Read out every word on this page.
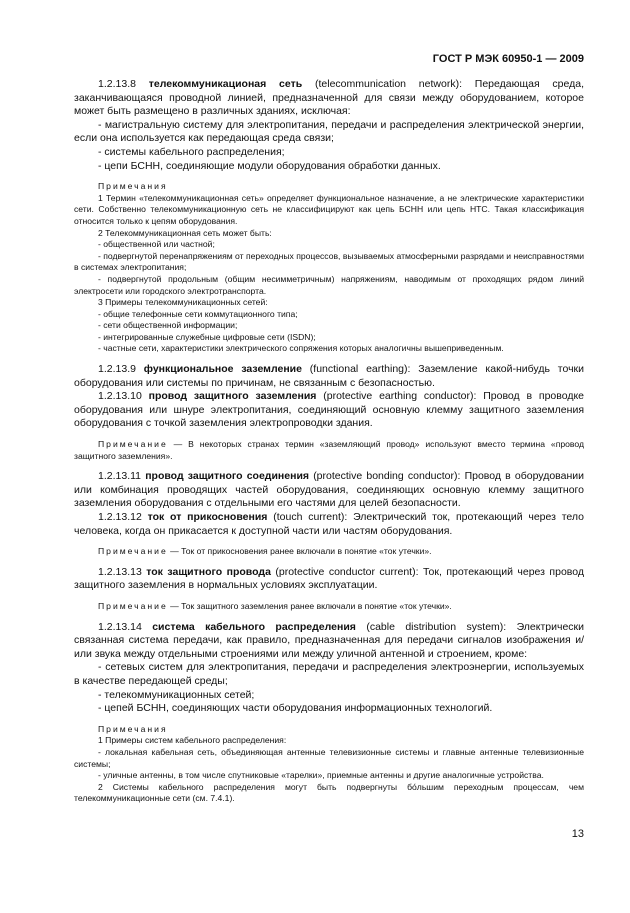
ГОСТ Р МЭК 60950-1 — 2009

1.2.13.8 телекоммуникационая сеть (telecommunication network): Передающая среда, заканчивающаяся проводной линией, предназначенной для связи между оборудованием, которое может быть размещено в различных зданиях, исключая:

- магистральную систему для электропитания, передачи и распределения электрической энергии, если она используется как передающая среда связи;

- системы кабельного распределения;

- цепи БСНН, соединяющие модули оборудования обработки данных.

Примечания

1 Термин «телекоммуникационная сеть» определяет функциональное назначение, а не электрические характеристики сети. Собственно телекоммуникационную сеть не классифицируют как цепь БСНН или цепь НТС. Такая классификация относится только к цепям оборудования.

2 Телекоммуникационная сеть может быть:

- общественной или частной;

- подвергнутой перенапряжениям от переходных процессов, вызываемых атмосферными разрядами и неисправностями в системах электропитания;

- подвергнутой продольным (общим несимметричным) напряжениям, наводимым от проходящих рядом линий электросети или городского электротранспорта.

3 Примеры телекоммуникационных сетей:

- общие телефонные сети коммутационного типа;

- сети общественной информации;

- интегрированные служебные цифровые сети (ISDN);

- частные сети, характеристики электрического сопряжения которых аналогичны вышеприведенным.

1.2.13.9 функциональное заземление (functional earthing): Заземление какой-нибудь точки оборудования или системы по причинам, не связанным с безопасностью.

1.2.13.10 провод защитного заземления (protective earthing conductor): Провод в проводке оборудования или шнуре электропитания, соединяющий основную клемму защитного заземления оборудования с точкой заземления электропроводки здания.

Примечание — В некоторых странах термин «заземляющий провод» используют вместо термина «провод защитного заземления».

1.2.13.11 провод защитного соединения (protective bonding conductor): Провод в оборудовании или комбинация проводящих частей оборудования, соединяющих основную клемму защитного заземления оборудования с отдельными его частями для целей безопасности.

1.2.13.12 ток от прикосновения (touch current): Электрический ток, протекающий через тело человека, когда он прикасается к доступной части или частям оборудования.

Примечание — Ток от прикосновения ранее включали в понятие «ток утечки».

1.2.13.13 ток защитного провода (protective conductor current): Ток, протекающий через провод защитного заземления в нормальных условиях эксплуатации.

Примечание — Ток защитного заземления ранее включали в понятие «ток утечки».

1.2.13.14 система кабельного распределения (cable distribution system): Электрически связанная система передачи, как правило, предназначенная для передачи сигналов изображения и/или звука между отдельными строениями или между уличной антенной и строением, кроме:

- сетевых систем для электропитания, передачи и распределения электроэнергии, используемых в качестве передающей среды;

- телекоммуникационных сетей;

- цепей БСНН, соединяющих части оборудования информационных технологий.

Примечания

1 Примеры систем кабельного распределения:

- локальная кабельная сеть, объединяющая антенные телевизионные системы и главные антенные телевизионные системы;

- уличные антенны, в том числе спутниковые «тарелки», приемные антенны и другие аналогичные устройства.

2 Системы кабельного распределения могут быть подвергнуты бо́льшим переходным процессам, чем телекоммуникационные сети (см. 7.4.1).

13
